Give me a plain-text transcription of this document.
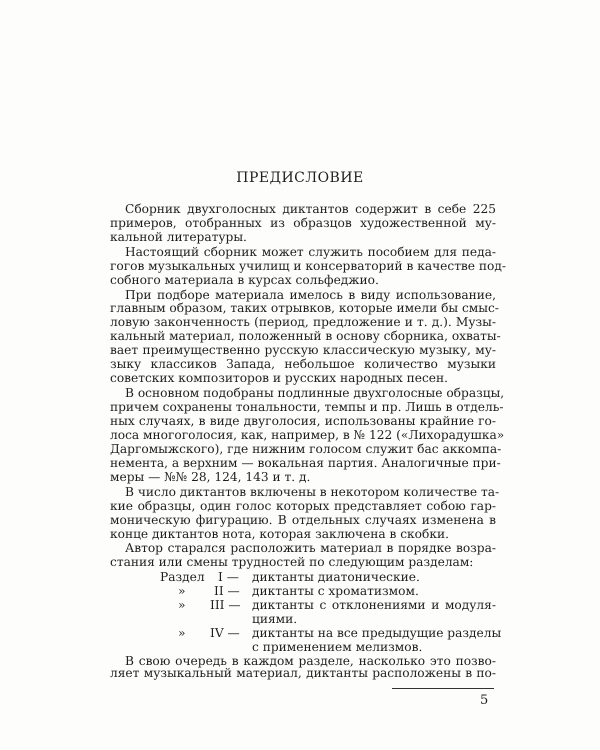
ПРЕДИСЛОВИЕ
Сборник двухголосных диктантов содержит в себе 225
примеров, отобранных из образцов художественной му-
кальной литературы.
Настоящий сборник может служить пособием для педа-
гогов музыкальных училищ и консерваторий в качестве под-
собного материала в курсах сольфеджио.
При подборе материала имелось в виду использование,
главным образом, таких отрывков, которые имели бы смыс-
ловую законченность (период, предложение и т. д.). Музы-
кальный материал, положенный в основу сборника, охваты-
вает преимущественно русскую классическую музыку, му-
зыку классиков Запада, небольшое количество музыки
советских композиторов и русских народных песен.
В основном подобраны подлинные двухголосные образцы,
причем сохранены тональности, темпы и пр. Лишь в отдель-
ных случаях, в виде двуголосия, использованы крайние го-
лоса многоголосия, как, например, в № 122 («Лихорадушка»
Даргомыжского), где нижним голосом служит бас аккомпа-
немента, а верхним — вокальная партия. Аналогичные при-
меры — №№ 28, 124, 143 и т. д.
В число диктантов включены в некотором количестве та-
кие образцы, один голос которых представляет собою гар-
моническую фигурацию. В отдельных случаях изменена в
конце диктантов нота, которая заключена в скобки.
Автор старался расположить материал в порядке возра-
стания или смены трудностей по следующим разделам:
Раздел I — диктанты диатонические.
» II — диктанты с хроматизмом.
» III — диктанты с отклонениями и модуля-
циями.
» IV — диктанты на все предыдущие разделы
с применением мелизмов.
В свою очередь в каждом разделе, насколько это позво-
ляет музыкальный материал, диктанты расположены в по-
5
